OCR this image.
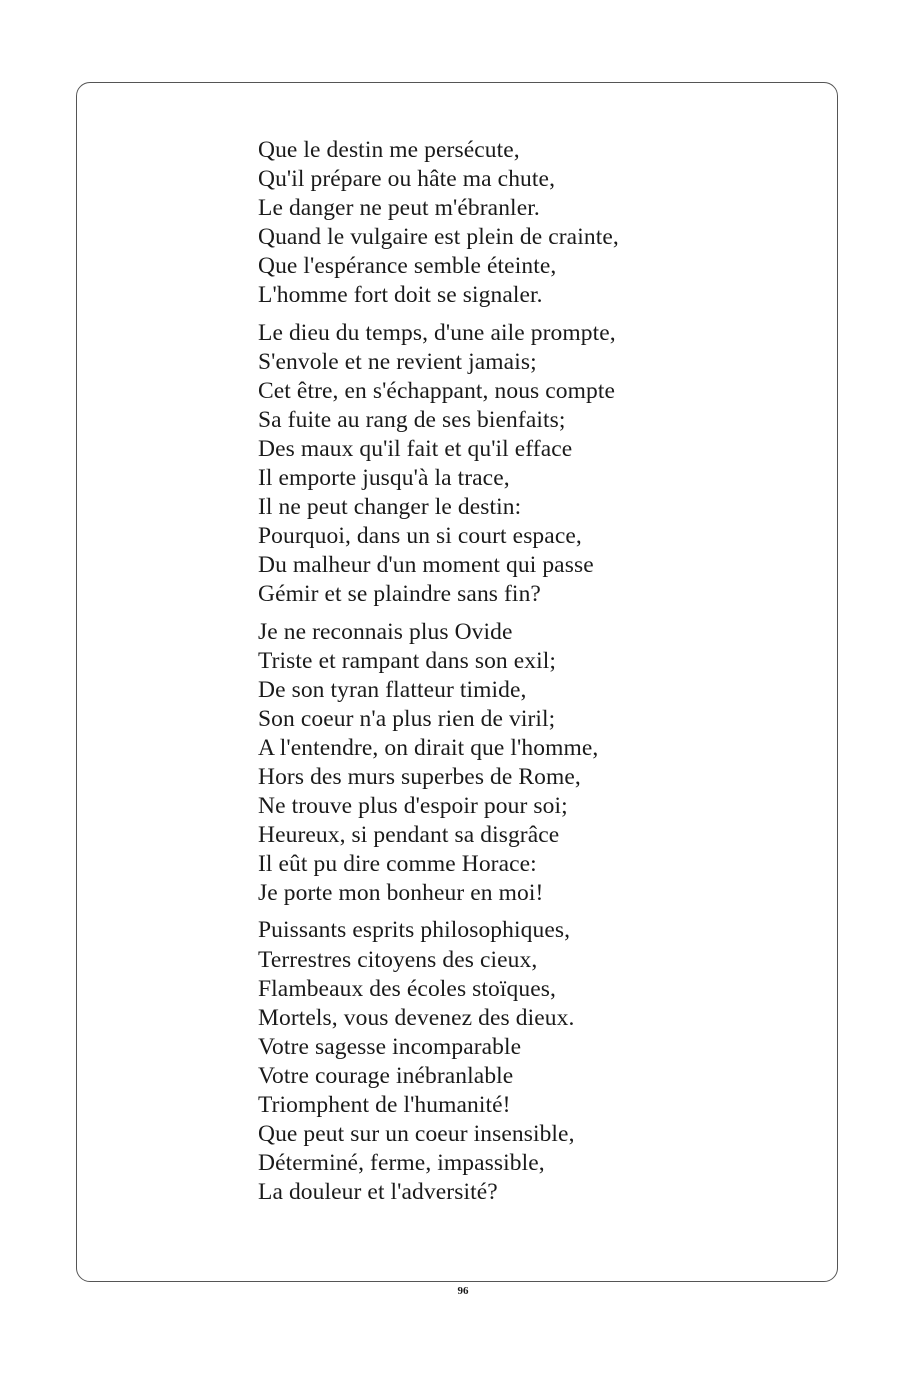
Que le destin me persécute,
Qu'il prépare ou hâte ma chute,
Le danger ne peut m'ébranler.
Quand le vulgaire est plein de crainte,
Que l'espérance semble éteinte,
L'homme fort doit se signaler.
Le dieu du temps, d'une aile prompte,
S'envole et ne revient jamais;
Cet être, en s'échappant, nous compte
Sa fuite au rang de ses bienfaits;
Des maux qu'il fait et qu'il efface
Il emporte jusqu'à la trace,
Il ne peut changer le destin:
Pourquoi, dans un si court espace,
Du malheur d'un moment qui passe
Gémir et se plaindre sans fin?
Je ne reconnais plus Ovide
Triste et rampant dans son exil;
De son tyran flatteur timide,
Son coeur n'a plus rien de viril;
A l'entendre, on dirait que l'homme,
Hors des murs superbes de Rome,
Ne trouve plus d'espoir pour soi;
Heureux, si pendant sa disgrâce
Il eût pu dire comme Horace:
Je porte mon bonheur en moi!
Puissants esprits philosophiques,
Terrestres citoyens des cieux,
Flambeaux des écoles stoïques,
Mortels, vous devenez des dieux.
Votre sagesse incomparable
Votre courage inébranlable
Triomphent de l'humanité!
Que peut sur un coeur insensible,
Déterminé, ferme, impassible,
La douleur et l'adversité?
96
